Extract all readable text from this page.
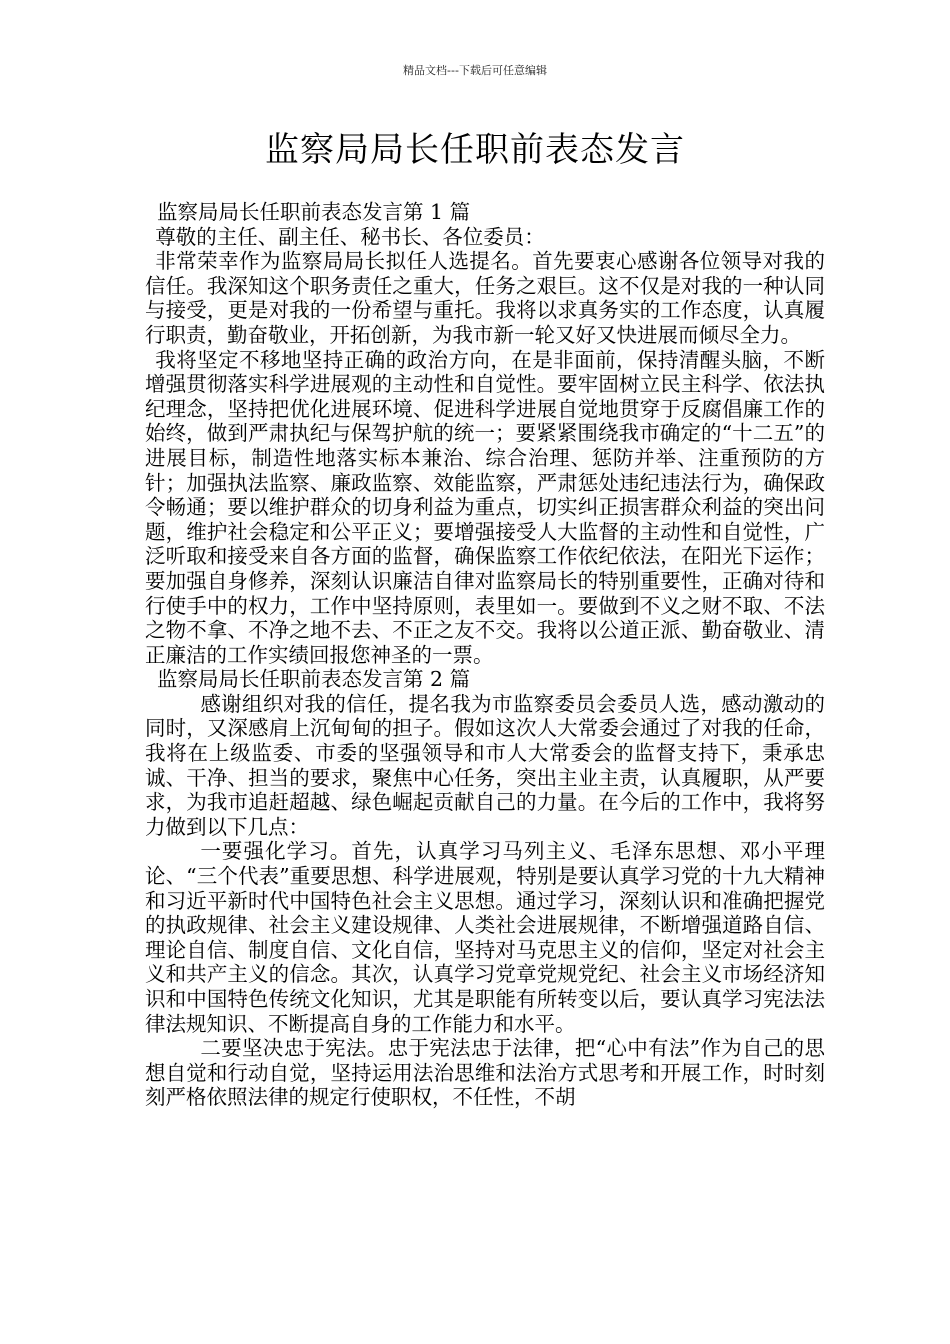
精品文档---下载后可任意编辑
监察局局长任职前表态发言

监察局局长任职前表态发言第 1 篇

尊敬的主任、副主任、秘书长、各位委员：

非常荣幸作为监察局局长拟任人选提名。首先要衷心感谢各位领导对我的信任。我深知这个职务责任之重大，任务之艰巨。这不仅是对我的一种认同与接受，更是对我的一份希望与重托。我将以求真务实的工作态度，认真履行职责，勤奋敬业，开拓创新，为我市新一轮又好又快进展而倾尽全力。

我将坚定不移地坚持正确的政治方向，在是非面前，保持清醒头脑，不断增强贯彻落实科学进展观的主动性和自觉性。要牢固树立民主科学、依法执纪理念，坚持把优化进展环境、促进科学进展自觉地贯穿于反腐倡廉工作的始终，做到严肃执纪与保驾护航的统一；要紧紧围绕我市确定的“十二五”的进展目标，制造性地落实标本兼治、综合治理、惩防并举、注重预防的方针；加强执法监察、廉政监察、效能监察，严肃惩处违纪违法行为，确保政令畅通；要以维护群众的切身利益为重点，切实纠正损害群众利益的突出问题，维护社会稳定和公平正义；要增强接受人大监督的主动性和自觉性，广泛听取和接受来自各方面的监督，确保监察工作依纪依法，在阳光下运作；要加强自身修养，深刻认识廉洁自律对监察局长的特别重要性，正确对待和行使手中的权力，工作中坚持原则，表里如一。要做到不义之财不取、不法之物不拿、不净之地不去、不正之友不交。我将以公道正派、勤奋敬业、清正廉洁的工作实绩回报您神圣的一票。

监察局局长任职前表态发言第 2 篇

感谢组织对我的信任，提名我为市监察委员会委员人选，感动激动的同时，又深感肩上沉甸甸的担子。假如这次人大常委会通过了对我的任命，我将在上级监委、市委的坚强领导和市人大常委会的监督支持下，秉承忠诚、干净、担当的要求，聚焦中心任务，突出主业主责，认真履职，从严要求，为我市追赶超越、绿色崛起贡献自己的力量。在今后的工作中，我将努力做到以下几点：

一要强化学习。首先，认真学习马列主义、毛泽东思想、邓小平理论、“三个代表”重要思想、科学进展观，特别是要认真学习党的十九大精神和习近平新时代中国特色社会主义思想。通过学习，深刻认识和准确把握党的执政规律、社会主义建设规律、人类社会进展规律，不断增强道路自信、理论自信、制度自信、文化自信，坚持对马克思主义的信仰，坚定对社会主义和共产主义的信念。其次，认真学习党章党规党纪、社会主义市场经济知识和中国特色传统文化知识，尤其是职能有所转变以后，要认真学习宪法法律法规知识、不断提高自身的工作能力和水平。

二要坚决忠于宪法。忠于宪法忠于法律，把“心中有法”作为自己的思想自觉和行动自觉，坚持运用法治思维和法治方式思考和开展工作，时时刻刻严格依照法律的规定行使职权，不任性，不胡
